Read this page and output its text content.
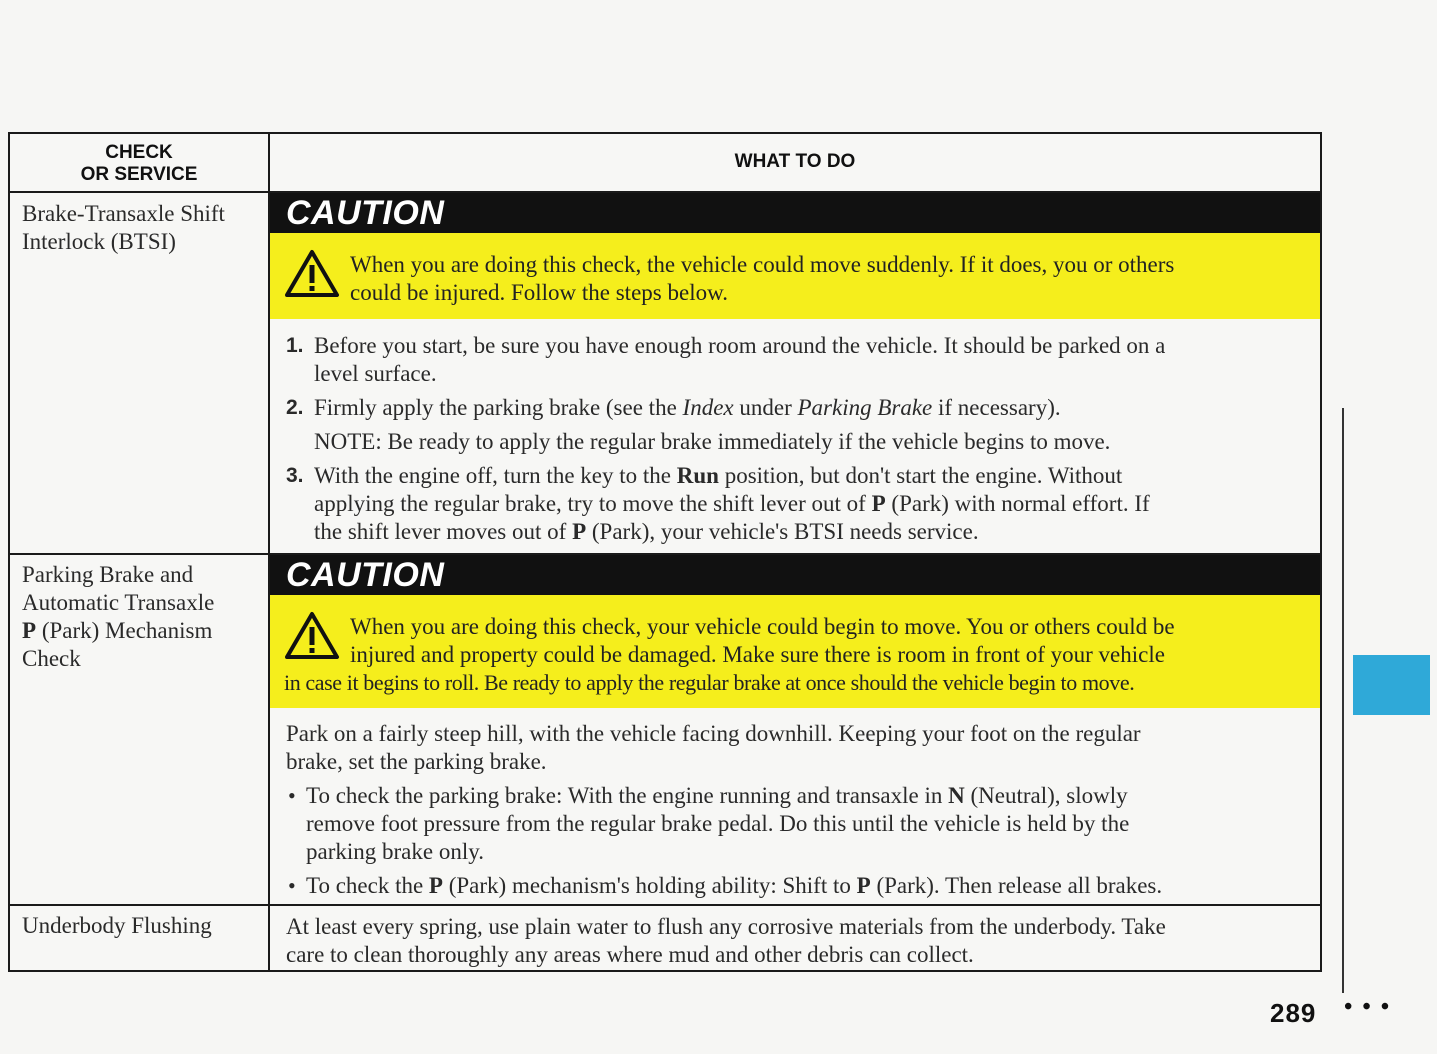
CHECK
OR SERVICE
WHAT TO DO
Brake-Transaxle Shift
Interlock (BTSI)
CAUTION
When you are doing this check, the vehicle could move suddenly. If it does, you or others
could be injured. Follow the steps below.
1. Before you start, be sure you have enough room around the vehicle. It should be parked on a
level surface.
2. Firmly apply the parking brake (see the Index under Parking Brake if necessary).
NOTE: Be ready to apply the regular brake immediately if the vehicle begins to move.
3. With the engine off, turn the key to the Run position, but don't start the engine. Without
applying the regular brake, try to move the shift lever out of P (Park) with normal effort. If
the shift lever moves out of P (Park), your vehicle's BTSI needs service.
Parking Brake and
Automatic Transaxle
P (Park) Mechanism
Check
CAUTION
When you are doing this check, your vehicle could begin to move. You or others could be
injured and property could be damaged. Make sure there is room in front of your vehicle
in case it begins to roll. Be ready to apply the regular brake at once should the vehicle begin to move.
Park on a fairly steep hill, with the vehicle facing downhill. Keeping your foot on the regular
brake, set the parking brake.
• To check the parking brake: With the engine running and transaxle in N (Neutral), slowly
remove foot pressure from the regular brake pedal. Do this until the vehicle is held by the
parking brake only.
• To check the P (Park) mechanism's holding ability: Shift to P (Park). Then release all brakes.
Underbody Flushing	At least every spring, use plain water to flush any corrosive materials from the underbody. Take
care to clean thoroughly any areas where mud and other debris can collect.
289 • • •
